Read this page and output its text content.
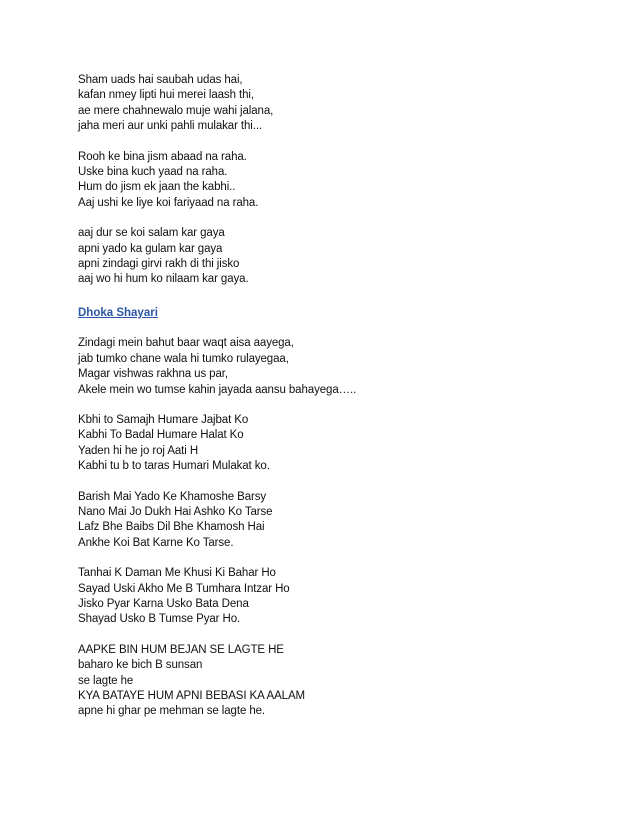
Sham uads hai saubah udas hai,
kafan nmey lipti hui merei laash thi,
ae mere chahnewalo muje wahi jalana,
jaha meri aur unki pahli mulakar thi...
Rooh ke bina jism abaad na raha.
Uske bina kuch yaad na raha.
Hum do jism ek jaan the kabhi..
Aaj ushi ke liye koi fariyaad na raha.
aaj dur se koi salam kar gaya
apni yado ka gulam kar gaya
apni zindagi girvi rakh di thi jisko
aaj wo hi hum ko nilaam kar gaya.
Dhoka Shayari
Zindagi mein bahut baar waqt aisa aayega,
jab tumko chane wala hi tumko rulayegaa,
Magar vishwas rakhna us par,
Akele mein wo tumse kahin jayada aansu bahayega…..
Kbhi to Samajh Humare Jajbat Ko
Kabhi To Badal Humare Halat Ko
Yaden hi he jo roj Aati H
Kabhi tu b to taras Humari Mulakat ko.
Barish Mai Yado Ke Khamoshe Barsy
Nano Mai Jo Dukh Hai Ashko Ko Tarse
Lafz Bhe Baibs Dil Bhe Khamosh Hai
Ankhe Koi Bat Karne Ko Tarse.
Tanhai K Daman Me Khusi Ki Bahar Ho
Sayad Uski Akho Me B Tumhara Intzar Ho
Jisko Pyar Karna Usko Bata Dena
Shayad Usko B Tumse Pyar Ho.
AAPKE BIN HUM BEJAN SE LAGTE HE
baharo ke bich B sunsan
se lagte he
KYA BATAYE HUM APNI BEBASI KA AALAM
apne hi ghar pe mehman se lagte he.
